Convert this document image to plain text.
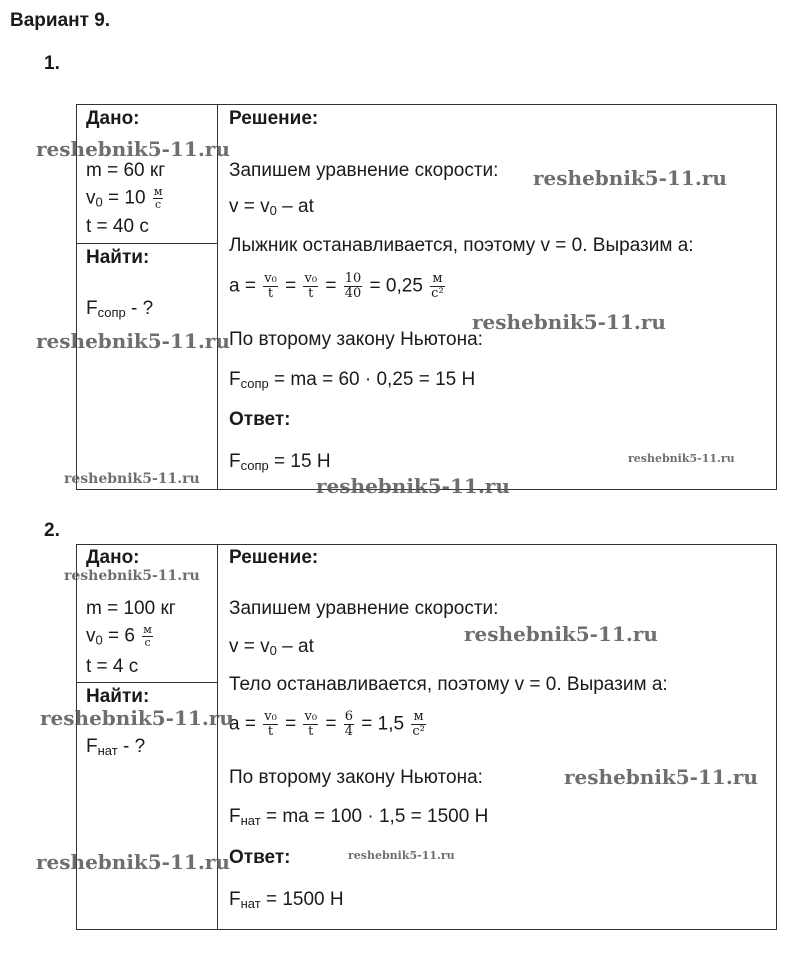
Вариант 9.
1.
Дано:
m = 60 кг
$v_0 = 10 \frac{м}{с}$
t = 40 с
Найти:
$F_{сопр}$ - ?
Решение:
Запишем уравнение скорости:
$v = v_0$ – at
Лыжник останавливается, поэтому v = 0. Выразим a:
$a = \frac{\text{v₀}}{t} = \frac{\text{v₀}}{t} = \frac{10}{40} = 0,25 \frac{м}{\text{c²}}$
По второму закону Ньютона:
$F_{сопр}$ = ma = 60 · 0,25 = 15 Н
Ответ:
$F_{сопр} = 15$ Н
2.
Дано:
m = 100 кг
$v_0 = 6 \frac{м}{с}$
t = 4 с
Найти:
$F_{нат}$ - ?
Решение:
Запишем уравнение скорости:
$v = v_0$ – at
Тело останавливается, поэтому v = 0. Выразим a:
$a = \frac{\text{v₀}}{t} = \frac{\text{v₀}}{t} = \frac{6}{4} = 1,5 \frac{м}{\text{c²}}$
По второму закону Ньютона:
$F_{нат}$ = ma = 100 · 1,5 = 1500 Н
Ответ:
$F_{нат} = 1500$ Н
reshebnik5-11.ru
reshebnik5-11.ru
reshebnik5-11.ru
reshebnik5-11.ru
reshebnik5-11.ru
reshebnik5-11.ru	reshebnik5-11.ru
reshebnik5-11.ru
reshebnik5-11.ru
reshebnik5-11.ru
reshebnik5-11.ru
reshebnik5-11.ru
reshebnik5-11.ru
